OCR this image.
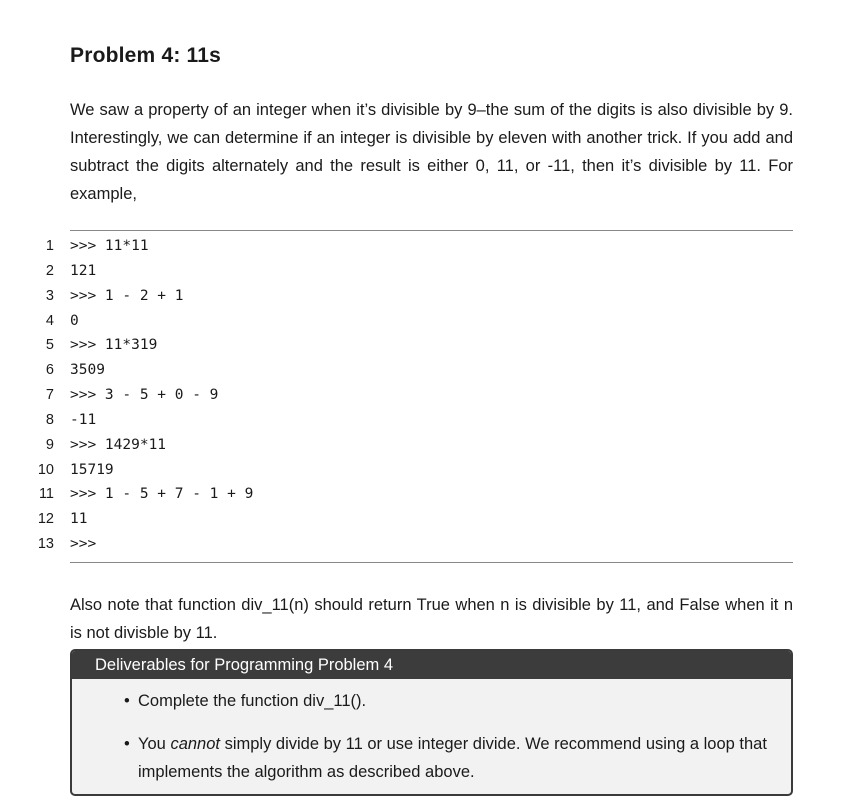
Problem 4: 11s

We saw a property of an integer when it’s divisible by 9–the sum of the digits is also divisible by 9. Interestingly, we can determine if an integer is divisible by eleven with another trick. If you add and subtract the digits alternately and the result is either 0, 11, or -11, then it’s divisible by 11. For example,

1 >>> 11*11
2 121
3 >>> 1 - 2 + 1
4 0
5 >>> 11*319
6 3509
7 >>> 3 - 5 + 0 - 9
8 -11
9 >>> 1429*11
10 15719
11 >>> 1 - 5 + 7 - 1 + 9
12 11
13 >>>

Also note that function div_11(n) should return True when n is divisible by 11, and False when it n is not divisble by 11.

Deliverables for Programming Problem 4
• Complete the function div_11().
• You cannot simply divide by 11 or use integer divide. We recommend using a loop that implements the algorithm as described above.
